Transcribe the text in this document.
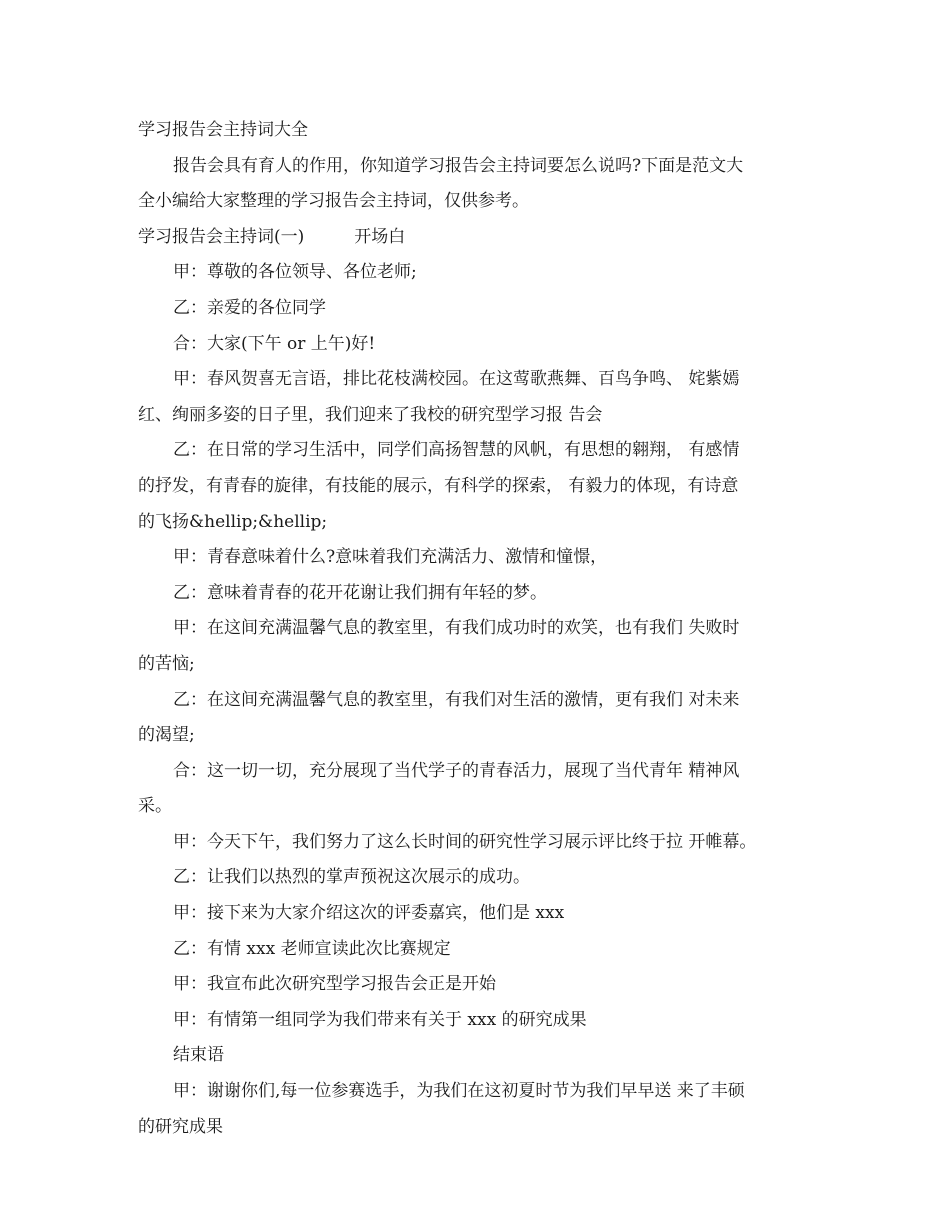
学习报告会主持词大全
报告会具有育人的作用，你知道学习报告会主持词要怎么说吗?下面是范文大
全小编给大家整理的学习报告会主持词，仅供参考。
学习报告会主持词(一)	开场白
甲：尊敬的各位领导、各位老师;
乙：亲爱的各位同学
合：大家(下午 or 上午)好!
甲：春风贺喜无言语，排比花枝满校园。在这莺歌燕舞、百鸟争鸣、 姹紫嫣
红、绚丽多姿的日子里，我们迎来了我校的研究型学习报 告会
乙：在日常的学习生活中，同学们高扬智慧的风帆，有思想的翱翔， 有感情
的抒发，有青春的旋律，有技能的展示，有科学的探索， 有毅力的体现，有诗意
的飞扬&hellip;&hellip;
甲：青春意味着什么?意味着我们充满活力、激情和憧憬，
乙：意味着青春的花开花谢让我们拥有年轻的梦。
甲：在这间充满温馨气息的教室里，有我们成功时的欢笑，也有我们 失败时
的苦恼;
乙：在这间充满温馨气息的教室里，有我们对生活的激情，更有我们 对未来
的渴望;
合：这一切一切，充分展现了当代学子的青春活力，展现了当代青年 精神风
采。
甲：今天下午，我们努力了这么长时间的研究性学习展示评比终于拉 开帷幕。
乙：让我们以热烈的掌声预祝这次展示的成功。
甲：接下来为大家介绍这次的评委嘉宾，他们是 xxx
乙：有情 xxx 老师宣读此次比赛规定
甲：我宣布此次研究型学习报告会正是开始
甲：有情第一组同学为我们带来有关于 xxx 的研究成果
结束语
甲：谢谢你们,每一位参赛选手，为我们在这初夏时节为我们早早送 来了丰硕
的研究成果
